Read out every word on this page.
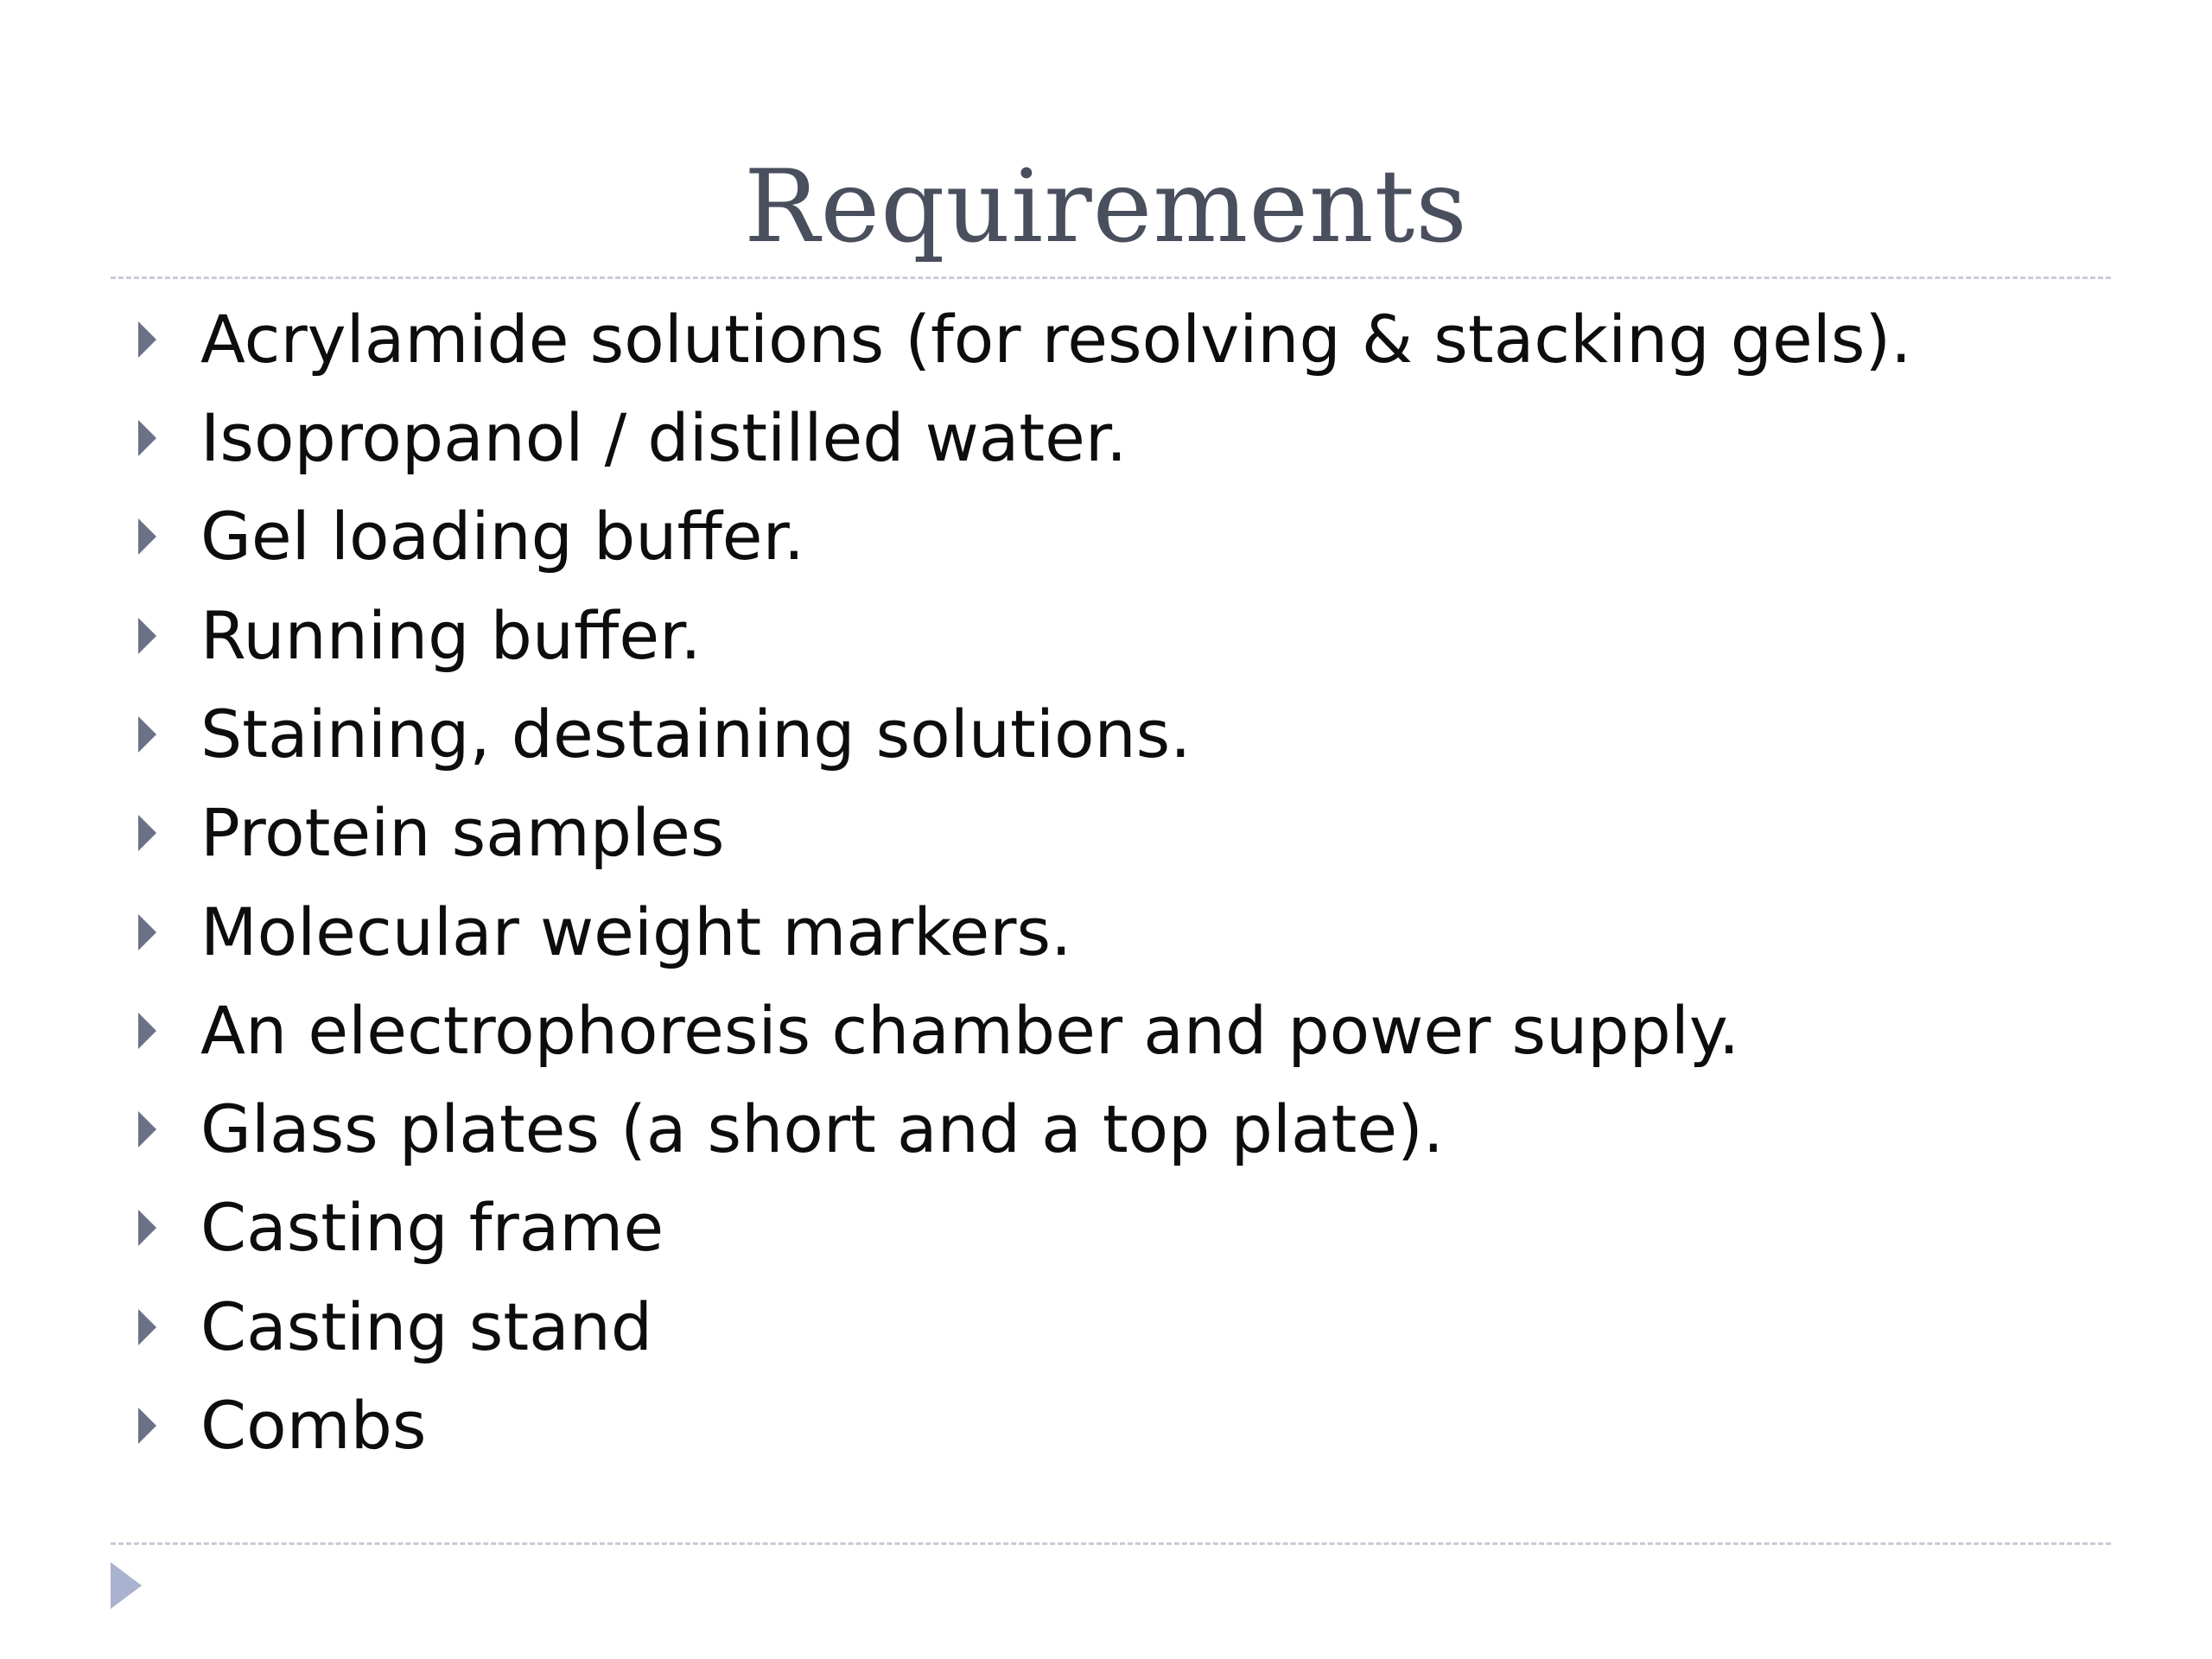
Requirements
Acrylamide solutions (for resolving & stacking gels).
Isopropanol / distilled water.
Gel loading buffer.
Running buffer.
Staining, destaining solutions.
Protein samples
Molecular weight markers.
An electrophoresis chamber and power supply.
Glass plates (a short and a top plate).
Casting frame
Casting stand
Combs
